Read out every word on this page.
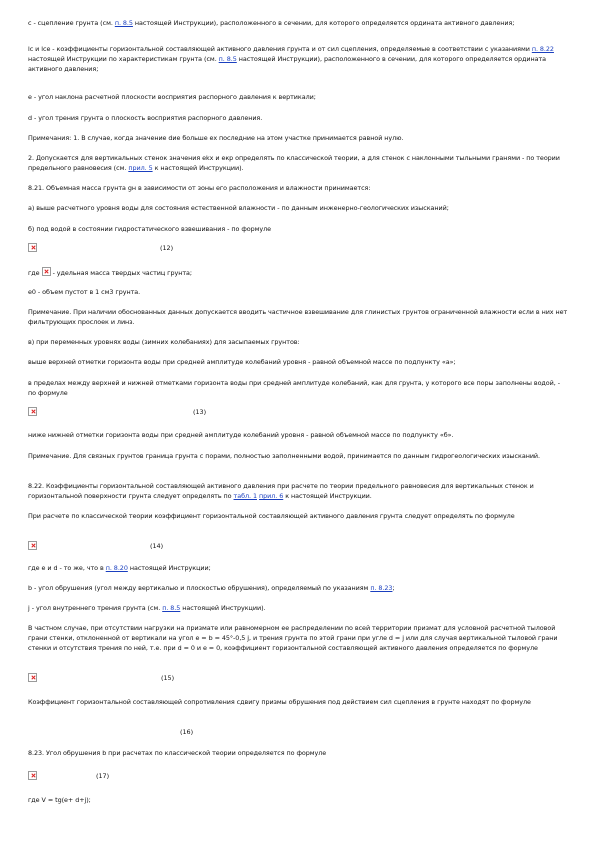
c - сцепление грунта (см. п. 8.5 настоящей Инструкции), расположенного в сечении, для которого определяется ордината активного давления;
lc и lce - коэффициенты горизонтальной составляющей активного давления грунта и от сил сцепления, определяемые в соответствии с указаниями п. 8.22 настоящей Инструкции по характеристикам грунта (см. п. 8.5 настоящей Инструкции), расположенного в сечении, для которого определяется ордината активного давления;
e - угол наклона расчетной плоскости восприятия распорного давления к вертикали;
d - угол трения грунта о плоскость восприятия распорного давления.
Примечания: 1. В случае, когда значение dиe больше ex последние на этом участке принимается равной нулю.
2. Допускается для вертикальных стенок значения ekx и eкр определять по классической теории, а для стенок с наклонными тыльными гранями - по теории предельного равновесия (см. прил. 5 к настоящей Инструкции).
8.21. Объемная масса грунта gн в зависимости от зоны его расположения и влажности принимается:
а) выше расчетного уровня воды для состояния естественной влажности - по данным инженерно-геологических изысканий;
б) под водой в состоянии гидростатического взвешивания - по формуле
(12)
где - удельная масса твердых частиц грунта;
e0 - объем пустот в 1 см3 грунта.
Примечание. При наличии обоснованных данных допускается вводить частичное взвешивание для глинистых грунтов ограниченной влажности если в них нет фильтрующих прослоек и линз.
в) при переменных уровнях воды (зимних колебаниях) для засыпаемых грунтов:
выше верхней отметки горизонта воды при средней амплитуде колебаний уровня - равной объемной массе по подпункту «а»;
в пределах между верхней и нижней отметками горизонта воды при средней амплитуде колебаний, как для грунта, у которого все поры заполнены водой, - по формуле
(13)
ниже нижней отметки горизонта воды при средней амплитуде колебаний уровня - равной объемной массе по подпункту «б».
Примечание. Для связных грунтов граница грунта с порами, полностью заполненными водой, принимается по данным гидрогеологических изысканий.
8.22. Коэффициенты горизонтальной составляющей активного давления при расчете по теории предельного равновесия для вертикальных стенок и горизонтальной поверхности грунта следует определять по табл. 1 прил. 6 к настоящей Инструкции.
При расчете по классической теории коэффициент горизонтальной составляющей активного давления грунта следует определять по формуле
(14)
где e и d - то же, что в п. 8.20 настоящей Инструкции;
b - угол обрушения (угол между вертикалью и плоскостью обрушения), определяемый по указаниям п. 8.23;
j - угол внутреннего трения грунта (см. п. 8.5 настоящей Инструкции).
В частном случае, при отсутствии нагрузки на призмате или равномерном ее распределении по всей территории призмат для условной расчетной тыловой грани стенки, отклоненной от вертикали на угол e = b = 45°-0,5 j, и трения грунта по этой грани при угле d = j или для случая вертикальной тыловой грани стенки и отсутствия трения по ней, т.е. при d = 0 и e = 0, коэффициент горизонтальной составляющей активного давления определяется по формуле
(15)
Коэффициент горизонтальной составляющей сопротивления сдвигу призмы обрушения под действием сил сцепления в грунте находят по формуле
(16)
8.23. Угол обрушения b при расчетах по классической теории определяется по формуле
(17)
где V = tg(e+ d+j);
